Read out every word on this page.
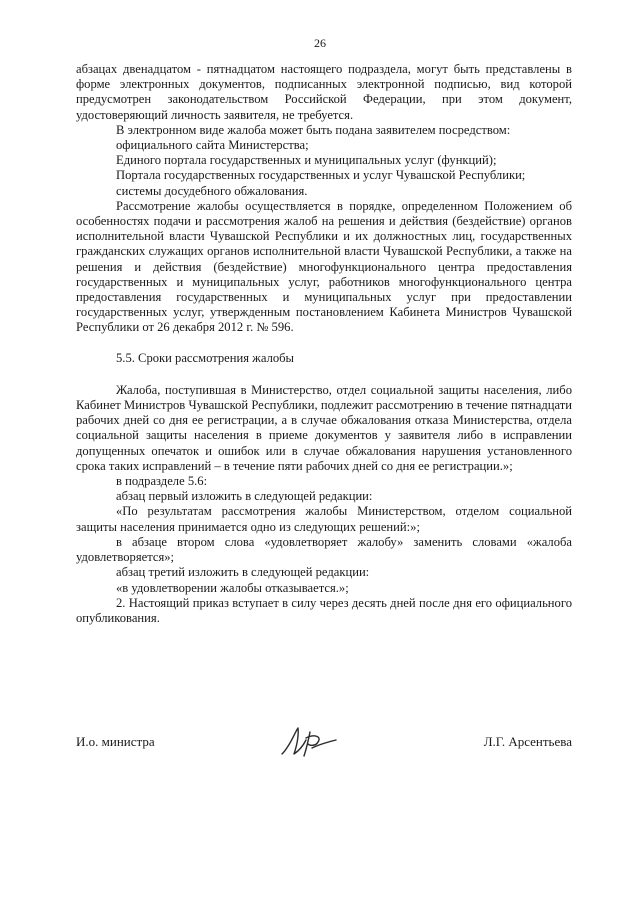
26

абзацах двенадцатом - пятнадцатом настоящего подраздела, могут быть представлены в форме электронных документов, подписанных электронной подписью, вид которой предусмотрен законодательством Российской Федерации, при этом документ, удостоверяющий личность заявителя, не требуется.

В электронном виде жалоба может быть подана заявителем посредством:

официального сайта Министерства;

Единого портала государственных и муниципальных услуг (функций);

Портала государственных государственных и услуг Чувашской Республики;

системы досудебного обжалования.

Рассмотрение жалобы осуществляется в порядке, определенном Положением об особенностях подачи и рассмотрения жалоб на решения и действия (бездействие) органов исполнительной власти Чувашской Республики и их должностных лиц, государственных гражданских служащих органов исполнительной власти Чувашской Республики, а также на решения и действия (бездействие) многофункционального центра предоставления государственных и муниципальных услуг, работников многофункционального центра предоставления государственных и муниципальных услуг при предоставлении государственных услуг, утвержденным постановлением Кабинета Министров Чувашской Республики от 26 декабря 2012 г. № 596.

5.5. Сроки рассмотрения жалобы

Жалоба, поступившая в Министерство, отдел социальной защиты населения, либо Кабинет Министров Чувашской Республики, подлежит рассмотрению в течение пятнадцати рабочих дней со дня ее регистрации, а в случае обжалования отказа Министерства, отдела социальной защиты населения в приеме документов у заявителя либо в исправлении допущенных опечаток и ошибок или в случае обжалования нарушения установленного срока таких исправлений – в течение пяти рабочих дней со дня ее регистрации.»;

в подразделе 5.6:

абзац первый изложить в следующей редакции:

«По результатам рассмотрения жалобы Министерством, отделом социальной защиты населения принимается одно из следующих решений:»;

в абзаце втором слова «удовлетворяет жалобу» заменить словами «жалоба удовлетворяется»;

абзац третий изложить в следующей редакции:

«в удовлетворении жалобы отказывается.»;

2. Настоящий приказ вступает в силу через десять дней после дня его официального опубликования.

И.о. министра	Л.Г. Арсентьева
